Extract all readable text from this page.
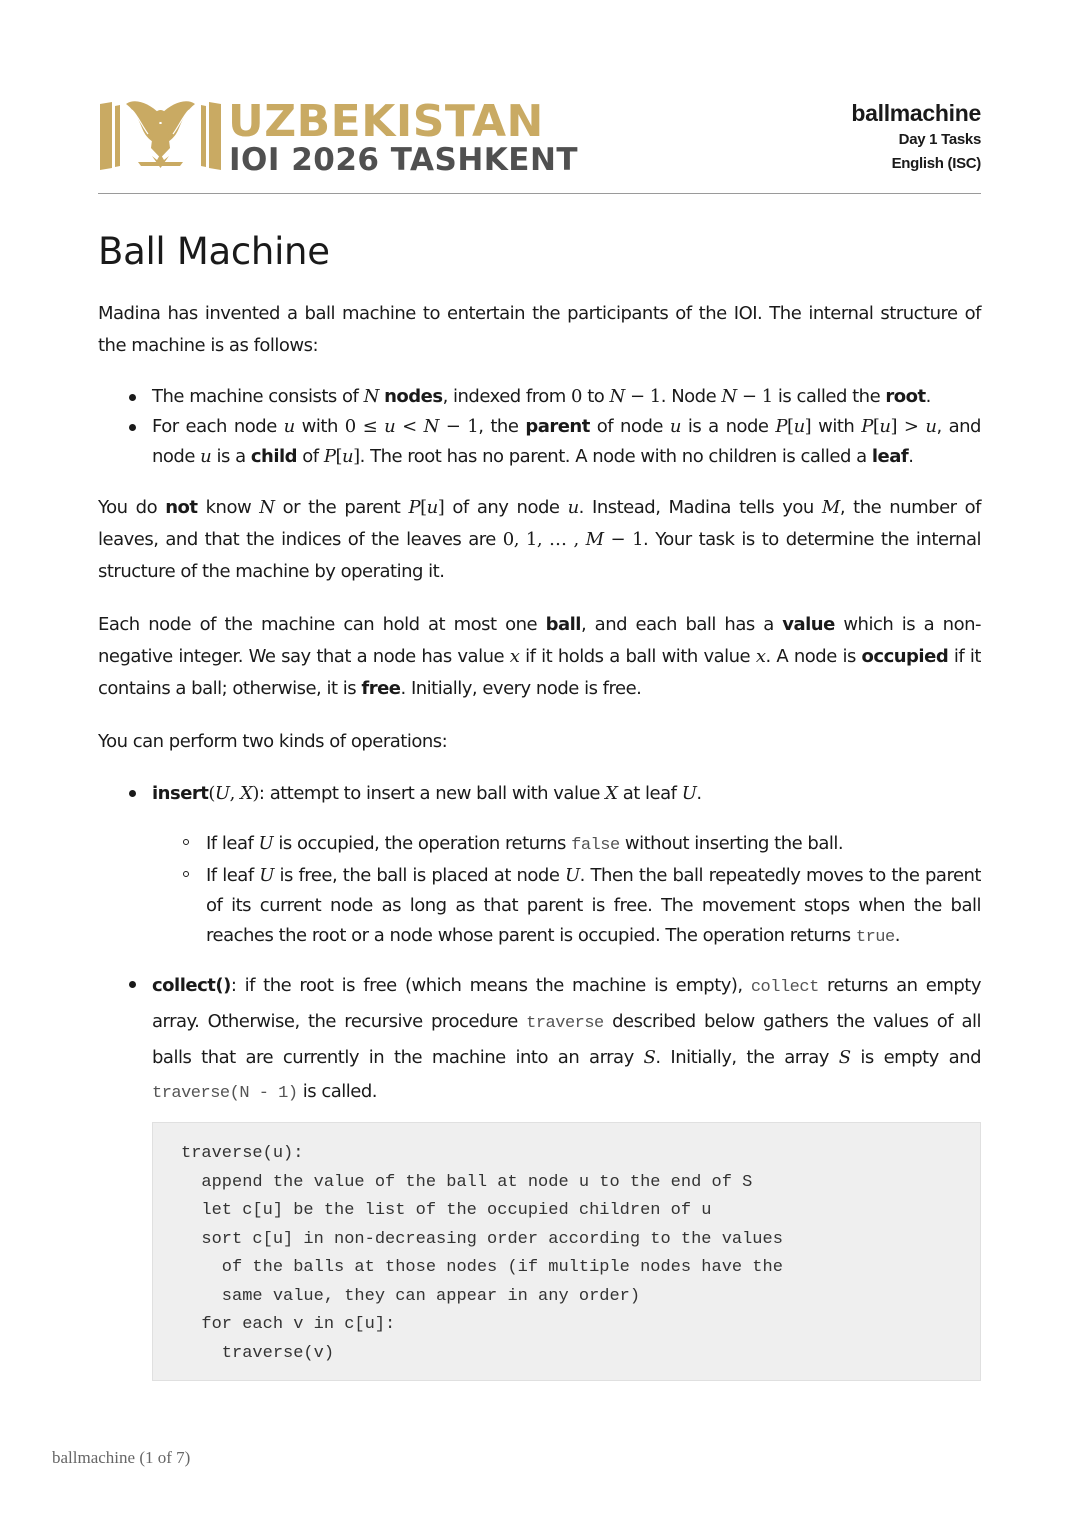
UZBEKISTAN
IOI 2026 TASHKENT
ballmachine
Day 1 Tasks
English (ISC)
Ball Machine
Madina has invented a ball machine to entertain the participants of the IOI. The internal structure of the machine is as follows:
The machine consists of N nodes, indexed from 0 to N − 1. Node N − 1 is called the root.
For each node u with 0 ≤ u < N − 1, the parent of node u is a node P[u] with P[u] > u, and node u is a child of P[u]. The root has no parent. A node with no children is called a leaf.
You do not know N or the parent P[u] of any node u. Instead, Madina tells you M, the number of leaves, and that the indices of the leaves are 0, 1, … , M − 1. Your task is to determine the internal structure of the machine by operating it.
Each node of the machine can hold at most one ball, and each ball has a value which is a non-negative integer. We say that a node has value x if it holds a ball with value x. A node is occupied if it contains a ball; otherwise, it is free. Initially, every node is free.
You can perform two kinds of operations:
insert(U, X): attempt to insert a new ball with value X at leaf U.
If leaf U is occupied, the operation returns false without inserting the ball.
If leaf U is free, the ball is placed at node U. Then the ball repeatedly moves to the parent of its current node as long as that parent is free. The movement stops when the ball reaches the root or a node whose parent is occupied. The operation returns true.
collect(): if the root is free (which means the machine is empty), collect returns an empty array. Otherwise, the recursive procedure traverse described below gathers the values of all balls that are currently in the machine into an array S. Initially, the array S is empty and traverse(N - 1) is called.
traverse(u):
append the value of the ball at node u to the end of S
let c[u] be the list of the occupied children of u
sort c[u] in non-decreasing order according to the values
of the balls at those nodes (if multiple nodes have the
same value, they can appear in any order)
for each v in c[u]:
traverse(v)
ballmachine (1 of 7)
